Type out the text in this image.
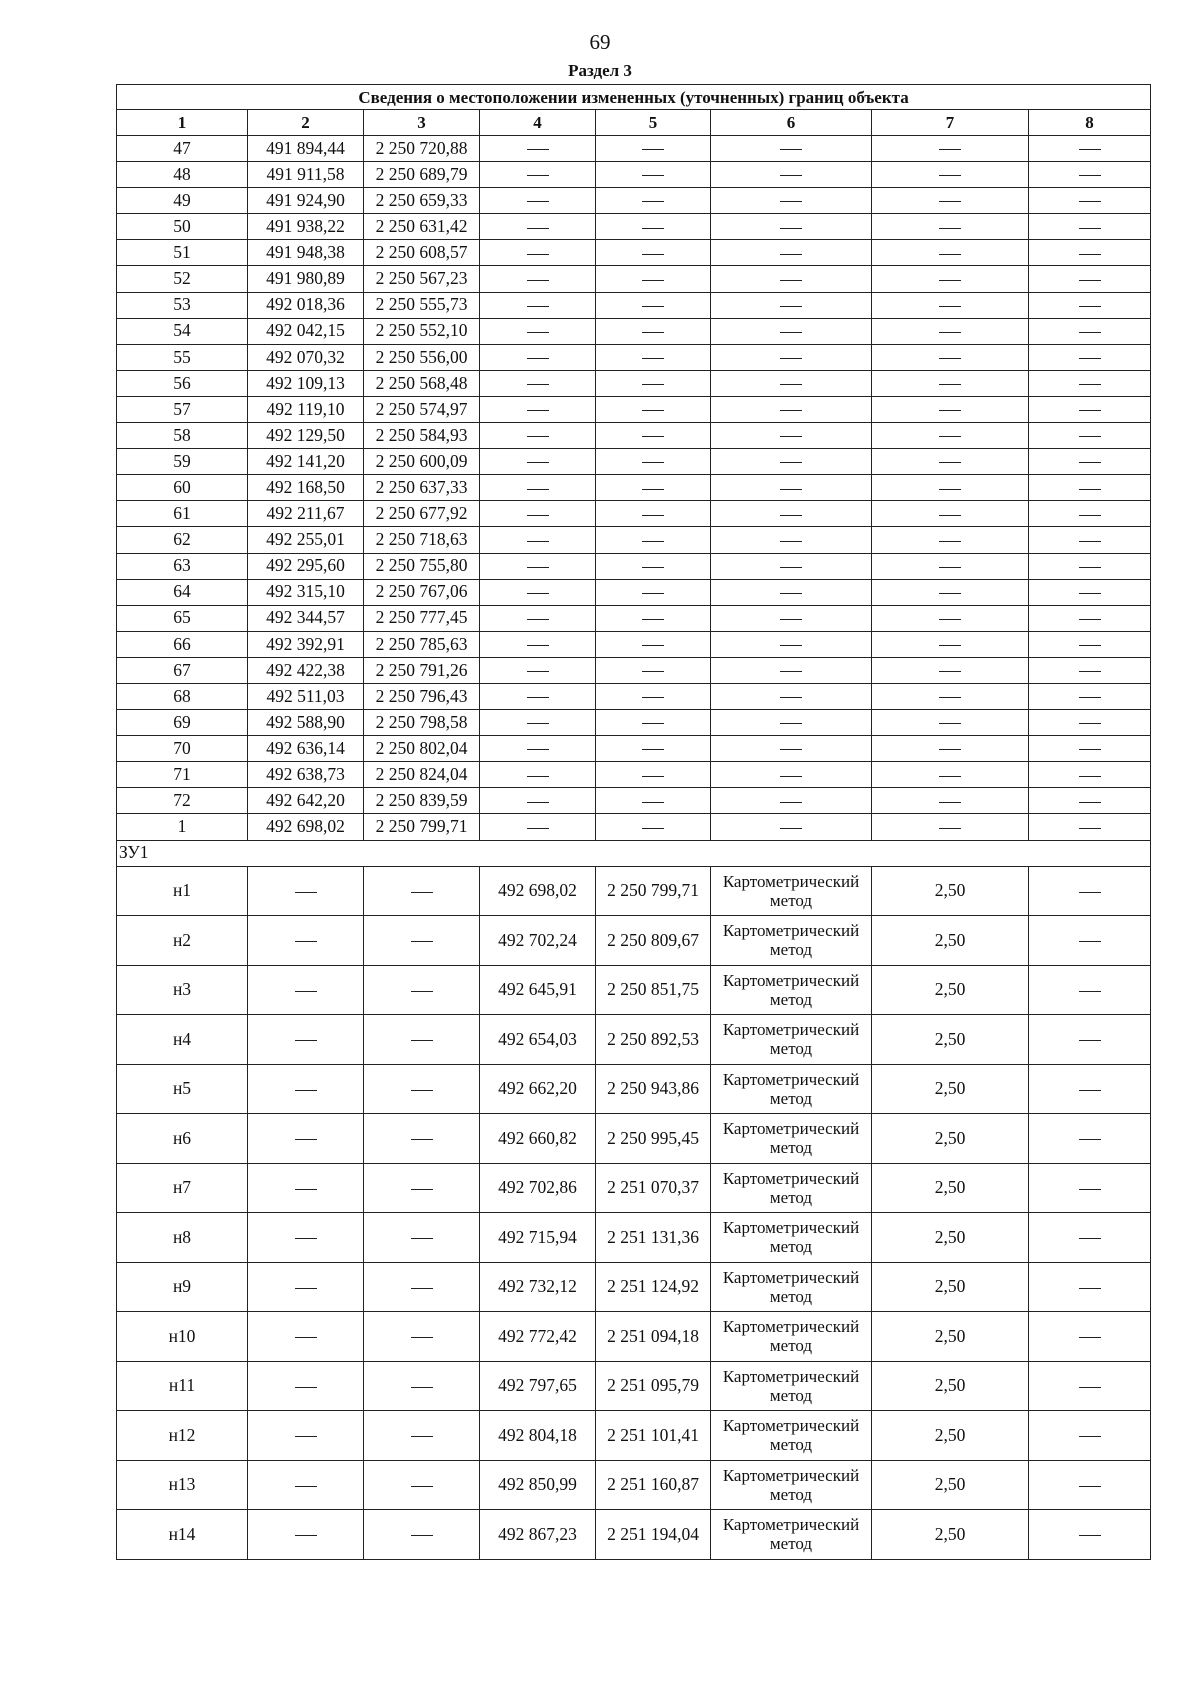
69
Раздел 3
Сведения о местоположении измененных (уточненных) границ объекта							
1	2	3	4	5	6	7	8
47	491 894,44	2 250 720,88					
48	491 911,58	2 250 689,79					
49	491 924,90	2 250 659,33					
50	491 938,22	2 250 631,42					
51	491 948,38	2 250 608,57					
52	491 980,89	2 250 567,23					
53	492 018,36	2 250 555,73					
54	492 042,15	2 250 552,10					
55	492 070,32	2 250 556,00					
56	492 109,13	2 250 568,48					
57	492 119,10	2 250 574,97					
58	492 129,50	2 250 584,93					
59	492 141,20	2 250 600,09					
60	492 168,50	2 250 637,33					
61	492 211,67	2 250 677,92					
62	492 255,01	2 250 718,63					
63	492 295,60	2 250 755,80					
64	492 315,10	2 250 767,06					
65	492 344,57	2 250 777,45					
66	492 392,91	2 250 785,63					
67	492 422,38	2 250 791,26					
68	492 511,03	2 250 796,43					
69	492 588,90	2 250 798,58					
70	492 636,14	2 250 802,04					
71	492 638,73	2 250 824,04					
72	492 642,20	2 250 839,59					
1	492 698,02	2 250 799,71					
ЗУ1							
н1			492 698,02	2 250 799,71	Картометрический метод	2,50	
н2			492 702,24	2 250 809,67	Картометрический метод	2,50	
н3			492 645,91	2 250 851,75	Картометрический метод	2,50	
н4			492 654,03	2 250 892,53	Картометрический метод	2,50	
н5			492 662,20	2 250 943,86	Картометрический метод	2,50	
н6			492 660,82	2 250 995,45	Картометрический метод	2,50	
н7			492 702,86	2 251 070,37	Картометрический метод	2,50	
н8			492 715,94	2 251 131,36	Картометрический метод	2,50	
н9			492 732,12	2 251 124,92	Картометрический метод	2,50	
н10			492 772,42	2 251 094,18	Картометрический метод	2,50	
н11			492 797,65	2 251 095,79	Картометрический метод	2,50	
н12			492 804,18	2 251 101,41	Картометрический метод	2,50	
н13			492 850,99	2 251 160,87	Картометрический метод	2,50	
н14			492 867,23	2 251 194,04	Картометрический метод	2,50	
